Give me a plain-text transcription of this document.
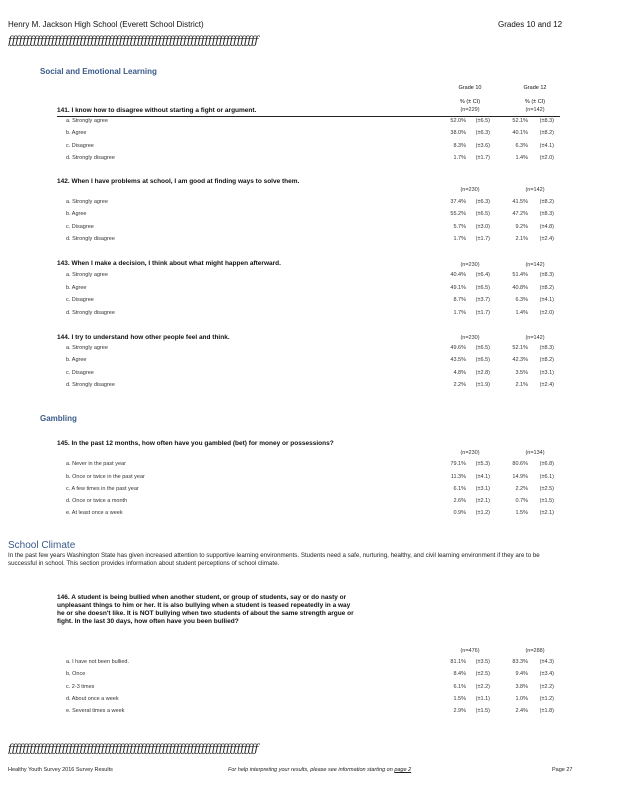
Henry M. Jackson High School (Everett School District)	Grades 10 and 12
ƒƒƒƒƒƒƒƒƒƒƒƒƒƒƒƒƒƒƒƒƒƒƒƒƒƒƒƒƒƒƒƒƒƒƒƒƒƒƒƒƒƒƒƒƒƒƒƒƒƒƒƒƒƒƒƒƒƒƒƒƒƒƒƒƒƒƒƒƒƒ
Social and Emotional Learning
Grade 10	Grade 12
% (± CI)	% (± CI)
141. I know how to disagree without starting a fight or argument.	(n=229)	(n=142)
a. Strongly agree	52.0%	(±6.5)	52.1%	(±8.3)
b. Agree	38.0%	(±6.3)	40.1%	(±8.2)
c. Disagree	8.3%	(±3.6)	6.3%	(±4.1)
d. Strongly disagree	1.7%	(±1.7)	1.4%	(±2.0)
142. When I have problems at school, I am good at finding ways to solve them.
(n=230)	(n=142)
a. Strongly agree	37.4%	(±6.3)	41.5%	(±8.2)
b. Agree	55.2%	(±6.5)	47.2%	(±8.3)
c. Disagree	5.7%	(±3.0)	9.2%	(±4.8)
d. Strongly disagree	1.7%	(±1.7)	2.1%	(±2.4)
143. When I make a decision, I think about what might happen afterward.	(n=230)	(n=142)
a. Strongly agree	40.4%	(±6.4)	51.4%	(±8.3)
b. Agree	49.1%	(±6.5)	40.8%	(±8.2)
c. Disagree	8.7%	(±3.7)	6.3%	(±4.1)
d. Strongly disagree	1.7%	(±1.7)	1.4%	(±2.0)
144. I try to understand how other people feel and think.	(n=230)	(n=142)
a. Strongly agree	49.6%	(±6.5)	52.1%	(±8.3)
b. Agree	43.5%	(±6.5)	42.3%	(±8.2)
c. Disagree	4.8%	(±2.8)	3.5%	(±3.1)
d. Strongly disagree	2.2%	(±1.9)	2.1%	(±2.4)
Gambling
145. In the past 12 months, how often have you gambled (bet) for money or possessions?
(n=230)	(n=134)
a. Never in the past year	79.1%	(±5.3)	80.6%	(±6.8)
b. Once or twice in the past year	11.3%	(±4.1)	14.9%	(±6.1)
c. A few times in the past year	6.1%	(±3.1)	2.2%	(±2.5)
d. Once or twice a month	2.6%	(±2.1)	0.7%	(±1.5)
e. At least once a week	0.9%	(±1.2)	1.5%	(±2.1)
School Climate
In the past few years Washington State has given increased attention to supportive learning environments. Students need a safe, nurturing, healthy, and civil learning environment if they are to be successful in school. This section provides information about student perceptions of school climate.
146. A student is being bullied when another student, or group of students, say or do nasty or unpleasant things to him or her. It is also bullying when a student is teased repeatedly in a way he or she doesn't like. It is NOT bullying when two students of about the same strength argue or fight. In the last 30 days, how often have you been bullied?
(n=476)	(n=288)
a. I have not been bullied.	81.1%	(±3.5)	83.3%	(±4.3)
b. Once	8.4%	(±2.5)	9.4%	(±3.4)
c. 2-3 times	6.1%	(±2.2)	3.8%	(±2.2)
d. About once a week	1.5%	(±1.1)	1.0%	(±1.2)
e. Several times a week	2.9%	(±1.5)	2.4%	(±1.8)
ƒƒƒƒƒƒƒƒƒƒƒƒƒƒƒƒƒƒƒƒƒƒƒƒƒƒƒƒƒƒƒƒƒƒƒƒƒƒƒƒƒƒƒƒƒƒƒƒƒƒƒƒƒƒƒƒƒƒƒƒƒƒƒƒƒƒƒƒƒƒ
Healthy Youth Survey 2016 Survey Results	For help interpreting your results, please see information starting on page 2	Page 27
